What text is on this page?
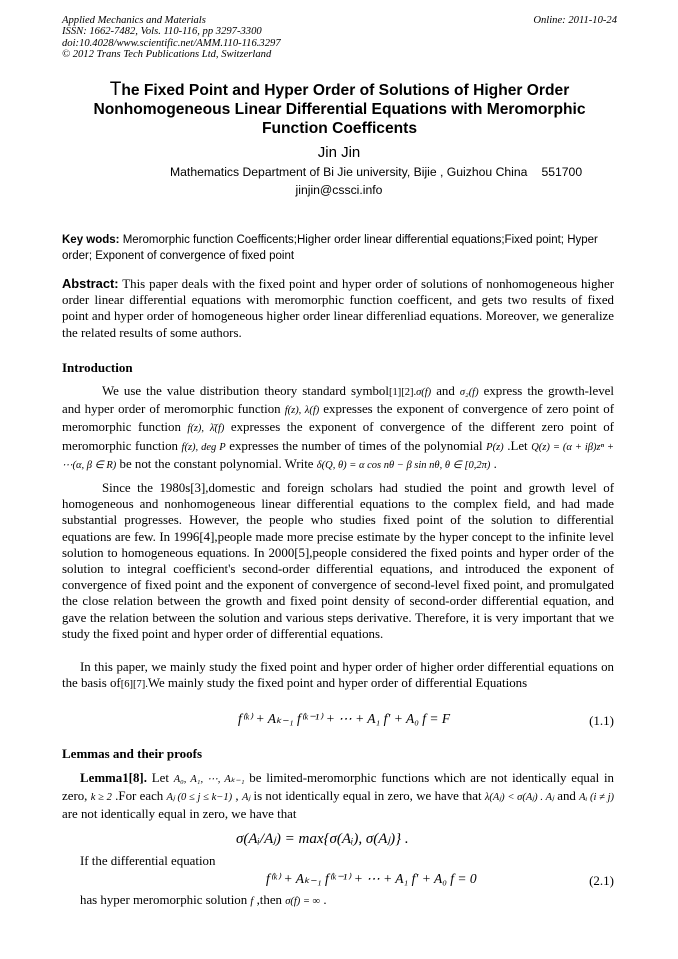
Applied Mechanics and Materials
ISSN: 1662-7482, Vols. 110-116, pp 3297-3300
doi:10.4028/www.scientific.net/AMM.110-116.3297
© 2012 Trans Tech Publications Ltd, Switzerland
Online: 2011-10-24
The Fixed Point and Hyper Order of Solutions of Higher Order
Nonhomogeneous Linear Differential Equations with Meromorphic
Function Coefficents
Jin Jin
Mathematics Department of Bi Jie university, Bijie , Guizhou China 551700
jinjin@cssci.info
Key wods: Meromorphic function Coefficents;Higher order linear differential equations;Fixed point; Hyper order; Exponent of convergence of fixed point
Abstract: This paper deals with the fixed point and hyper order of solutions of nonhomogeneous higher order linear differential equations with meromorphic function coefficent, and gets two results of fixed point and hyper order of homogeneous higher order linear differenliad equations. Moreover, we generalize the related results of some authors.
Introduction
We use the value distribution theory standard symbol[1][2].σ(f) and σ₂(f) express the growth-level and hyper order of meromorphic function f(z), λ(f) expresses the exponent of convergence of zero point of meromorphic function f(z), λ̄(f) expresses the exponent of convergence of the different zero point of meromorphic function f(z), deg P expresses the number of times of the polynomial P(z) .Let Q(z) = (α + iβ)zⁿ + ⋯(α, β ∈ R) be not the constant polynomial. Write δ(Q, θ) = α cos nθ − β sin nθ, θ ∈ [0,2π) .
Since the 1980s[3],domestic and foreign scholars had studied the point and growth level of homogeneous and nonhomogeneous linear differential equations to the complex field, and had made substantial progresses. However, the people who studies fixed point of the solution to differential equations are few. In 1996[4],people made more precise estimate by the hyper concept to the infinite level solution to homogeneous equations. In 2000[5],people considered the fixed points and hyper order of the solution to integral coefficient's second-order differential equations, and introduced the exponent of convergence of fixed point and the exponent of convergence of second-level fixed point, and promulgated the close relation between the growth and fixed point density of second-order differential equation, and gave the relation between the solution and various steps derivative. Therefore, it is very important that we study the fixed point and hyper order of differential equations.
In this paper, we mainly study the fixed point and hyper order of higher order differential equations on the basis of[6][7].We mainly study the fixed point and hyper order of differential Equations
f⁽ᵏ⁾ + Aₖ₋₁ f⁽ᵏ⁻¹⁾ + ⋯ + A₁ f′ + A₀ f = F	(1.1)
Lemmas and their proofs
Lemma1[8]. Let A₀, A₁, ⋯, Aₖ₋₁ be limited-meromorphic functions which are not identically equal in zero, k ≥ 2 .For each Aⱼ (0 ≤ j ≤ k−1) , Aⱼ is not identically equal in zero, we have that λ(Aⱼ) < σ(Aⱼ) . Aⱼ and Aᵢ (i ≠ j) are not identically equal in zero, we have that
σ(Aᵢ/Aⱼ) = max{σ(Aᵢ), σ(Aⱼ)} .
If the differential equation
f⁽ᵏ⁾ + Aₖ₋₁ f⁽ᵏ⁻¹⁾ + ⋯ + A₁ f′ + A₀ f = 0	(2.1)
has hyper meromorphic solution f ,then σ(f) = ∞ .
